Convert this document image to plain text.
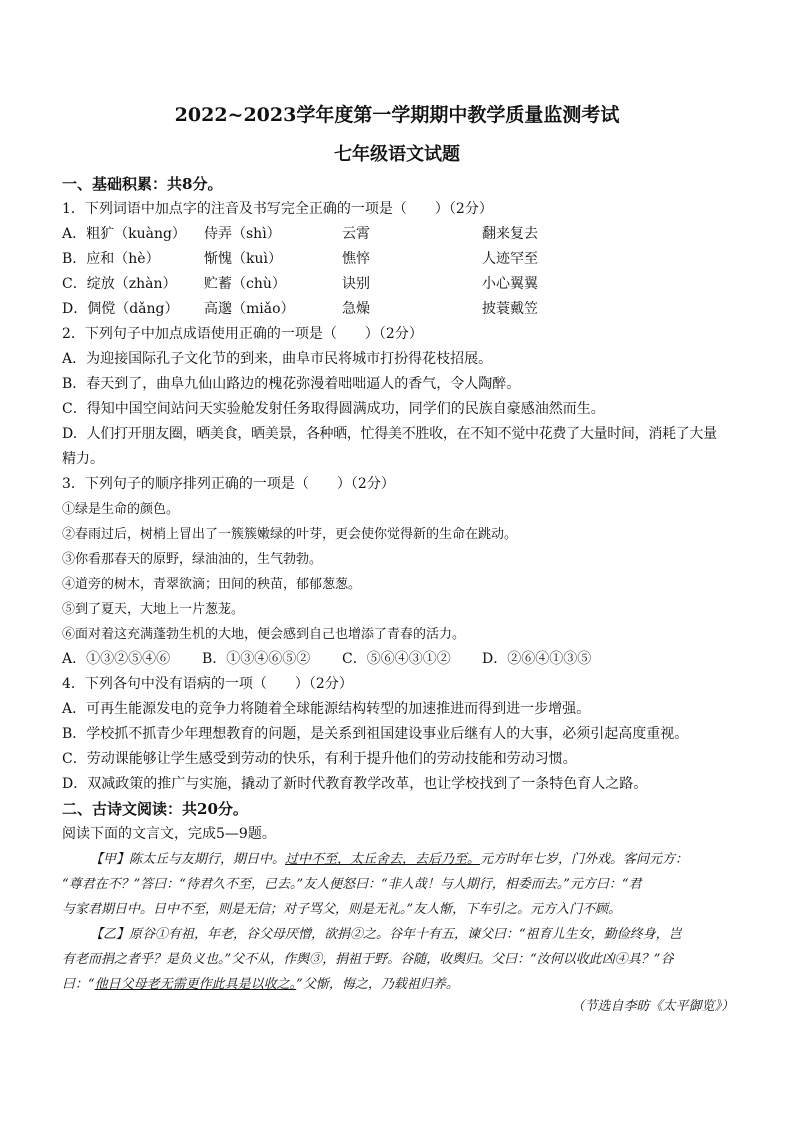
2022~2023学年度第一学期期中教学质量监测考试
七年级语文试题
一、基础积累：共8分。
1．下列词语中加点字的注音及书写完全正确的一项是（　　）（2分）
A．粗犷（kuàng） 侍弄（shì）	云霄	翻来复去
B．应和（hè）	惭愧（kuì）	憔悴	人迹罕至
C．绽放（zhàn） 贮蓄（chù）	诀别	小心翼翼
D．倜傥（dǎng） 高邈（miǎo）	急燥	披蓑戴笠
2．下列句子中加点成语使用正确的一项是（　　）（2分）
A．为迎接国际孔子文化节的到来，曲阜市民将城市打扮得花枝招展。
B．春天到了，曲阜九仙山路边的槐花弥漫着咄咄逼人的香气，令人陶醉。
C．得知中国空间站问天实验舱发射任务取得圆满成功，同学们的民族自豪感油然而生。
D．人们打开朋友圈，晒美食，晒美景，各种晒，忙得美不胜收，在不知不觉中花费了大量时间，消耗了大量
精力。
3．下列句子的顺序排列正确的一项是（　　）（2分）
①绿是生命的颜色。
②春雨过后，树梢上冒出了一簇簇嫩绿的叶芽，更会使你觉得新的生命在跳动。
③你看那春天的原野，绿油油的，生气勃勃。
④道旁的树木，青翠欲滴；田间的秧苗，郁郁葱葱。
⑤到了夏天，大地上一片葱茏。
⑥面对着这充满蓬勃生机的大地，便会感到自己也增添了青春的活力。
A．①③②⑤④⑥ B．①③④⑥⑤② C．⑤⑥④③①② D．②⑥④①③⑤
4．下列各句中没有语病的一项（　　）（2分）
A．可再生能源发电的竞争力将随着全球能源结构转型的加速推进而得到进一步增强。
B．学校抓不抓青少年理想教育的问题，是关系到祖国建设事业后继有人的大事，必须引起高度重视。
C．劳动课能够让学生感受到劳动的快乐，有利于提升他们的劳动技能和劳动习惯。
D．双减政策的推广与实施，撬动了新时代教育教学改革，也让学校找到了一条特色育人之路。
二、古诗文阅读：共20分。
阅读下面的文言文，完成5—9题。
【甲】陈太丘与友期行，期日中。过中不至，太丘舍去，去后乃至。元方时年七岁，门外戏。客问元方：
“尊君在不？”答曰：“待君久不至，已去。”友人便怒曰：“非人哉！与人期行，相委而去。”元方曰：“君
与家君期日中。日中不至，则是无信；对子骂父，则是无礼。”友人惭，下车引之。元方入门不顾。
【乙】原谷①有祖，年老，谷父母厌憎，欲捐②之。谷年十有五，谏父曰：“祖育儿生女，勤俭终身，岂
有老而捐之者乎？是负义也。”父不从，作舆③，捐祖于野。谷随，收舆归。父曰：“汝何以收此凶④具？”谷
曰：“他日父母老无需更作此具是以收之。”父惭，悔之，乃载祖归养。
（节选自李昉《太平御览》）
